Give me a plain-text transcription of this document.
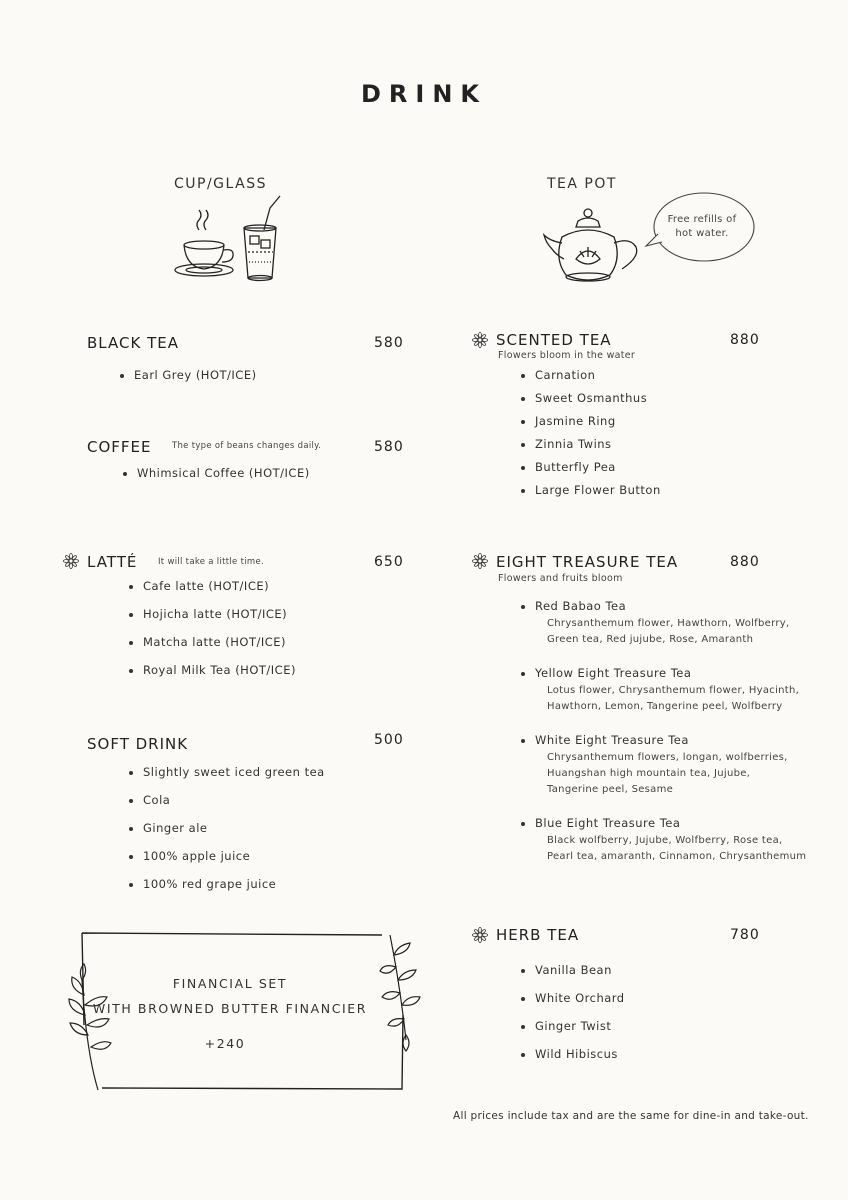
DRINK
CUP∕GLASS	TEA POT
Free refills of
hot water.
BLACK TEA	580
Earl Grey (HOT/ICE)
COFFEE The type of beans changes daily.	580
Whimsical Coffee (HOT/ICE)
LATTÉ It will take a little time.	650
Cafe latte (HOT/ICE)
Hojicha latte (HOT/ICE)
Matcha latte (HOT/ICE)
Royal Milk Tea (HOT/ICE)
SOFT DRINK	500
Slightly sweet iced green tea
Cola
Ginger ale
100% apple juice
100% red grape juice
FINANCIAL SET
WITH BROWNED BUTTER FINANCIER
+240
SCENTED TEA	880
Flowers bloom in the water
Carnation
Sweet Osmanthus
Jasmine Ring
Zinnia Twins
Butterfly Pea
Large Flower Button
EIGHT TREASURE TEA	880
Flowers and fruits bloom
Red Babao Tea
Chrysanthemum flower, Hawthorn, Wolfberry,
Green tea, Red jujube, Rose, Amaranth
Yellow Eight Treasure Tea
Lotus flower, Chrysanthemum flower, Hyacinth,
Hawthorn, Lemon, Tangerine peel, Wolfberry
White Eight Treasure Tea
Chrysanthemum flowers, longan, wolfberries,
Huangshan high mountain tea, Jujube,
Tangerine peel, Sesame
Blue Eight Treasure Tea
Black wolfberry, Jujube, Wolfberry, Rose tea,
Pearl tea, amaranth, Cinnamon, Chrysanthemum
HERB TEA	780
Vanilla Bean
White Orchard
Ginger Twist
Wild Hibiscus
All prices include tax and are the same for dine-in and take-out.
